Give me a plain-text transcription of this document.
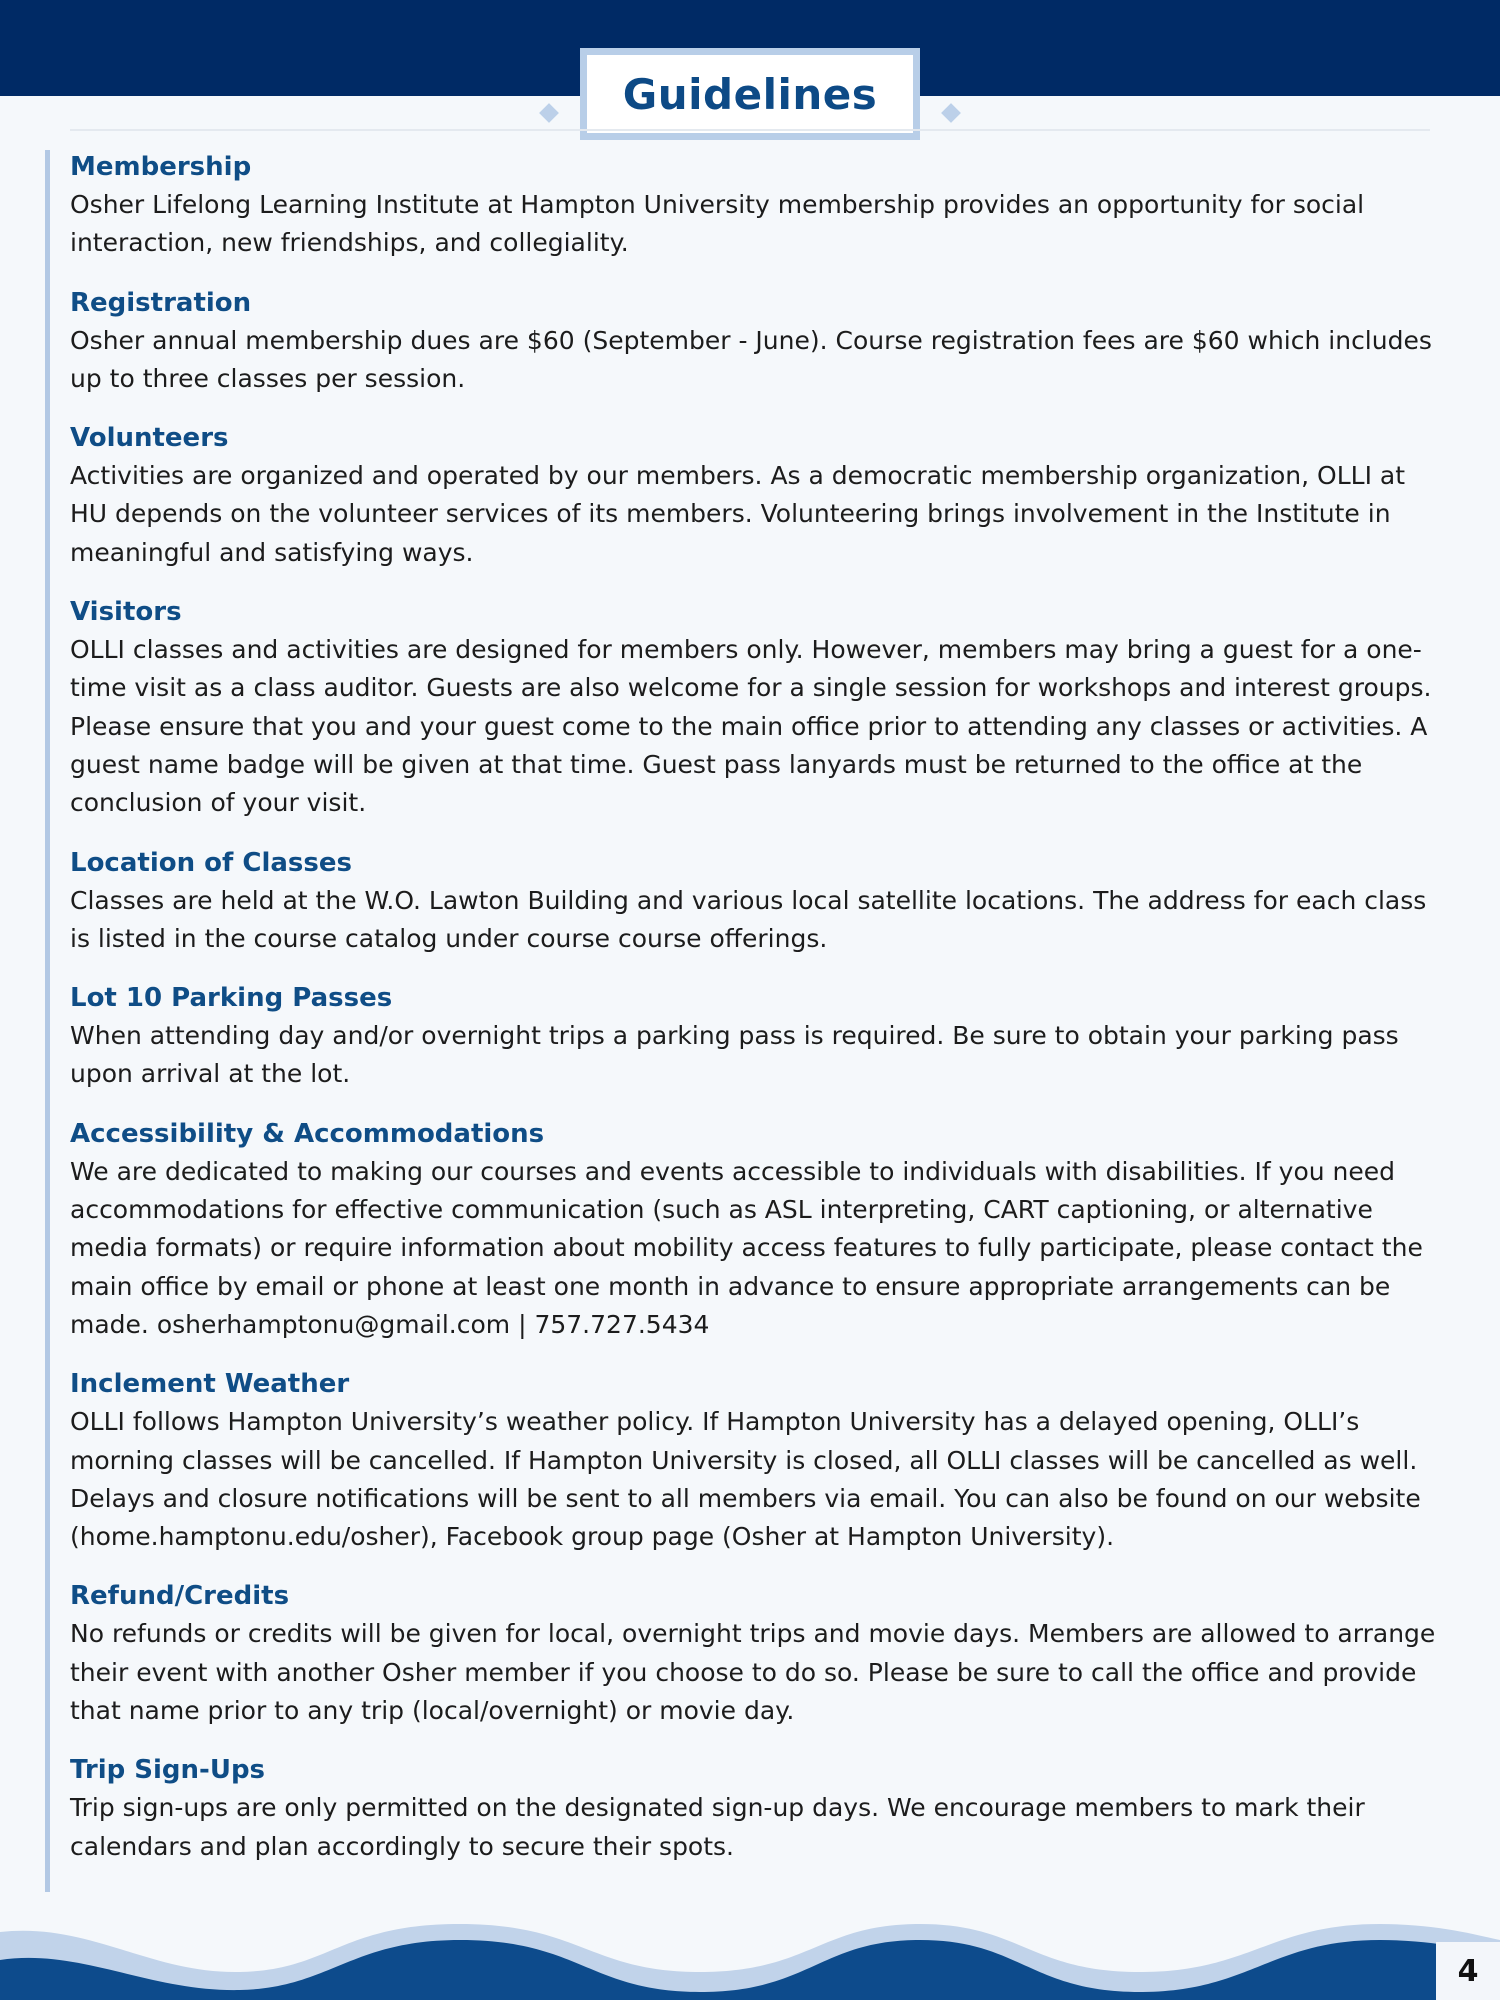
Guidelines
Membership

Osher Lifelong Learning Institute at Hampton University membership provides an opportunity for social interaction, new friendships, and collegiality.

Registration

Osher annual membership dues are $60 (September - June). Course registration fees are $60 which includes up to three classes per session.

Volunteers

Activities are organized and operated by our members. As a democratic membership organization, OLLI at HU depends on the volunteer services of its members. Volunteering brings involvement in the Institute in meaningful and satisfying ways.

Visitors

OLLI classes and activities are designed for members only. However, members may bring a guest for a one-time visit as a class auditor. Guests are also welcome for a single session for workshops and interest groups. Please ensure that you and your guest come to the main office prior to attending any classes or activities. A guest name badge will be given at that time. Guest pass lanyards must be returned to the office at the conclusion of your visit.

Location of Classes

Classes are held at the W.O. Lawton Building and various local satellite locations. The address for each class is listed in the course catalog under course course offerings.

Lot 10 Parking Passes

When attending day and/or overnight trips a parking pass is required. Be sure to obtain your parking pass upon arrival at the lot.

Accessibility & Accommodations

We are dedicated to making our courses and events accessible to individuals with disabilities. If you need accommodations for effective communication (such as ASL interpreting, CART captioning, or alternative media formats) or require information about mobility access features to fully participate, please contact the main office by email or phone at least one month in advance to ensure appropriate arrangements can be made. osherhamptonu@gmail.com | 757.727.5434

Inclement Weather

OLLI follows Hampton University’s weather policy. If Hampton University has a delayed opening, OLLI’s morning classes will be cancelled. If Hampton University is closed, all OLLI classes will be cancelled as well. Delays and closure notifications will be sent to all members via email. You can also be found on our website (home.hamptonu.edu/osher), Facebook group page (Osher at Hampton University).

Refund/Credits

No refunds or credits will be given for local, overnight trips and movie days. Members are allowed to arrange their event with another Osher member if you choose to do so. Please be sure to call the office and provide that name prior to any trip (local/overnight) or movie day.

Trip Sign-Ups

Trip sign-ups are only permitted on the designated sign-up days. We encourage members to mark their calendars and plan accordingly to secure their spots.

4
